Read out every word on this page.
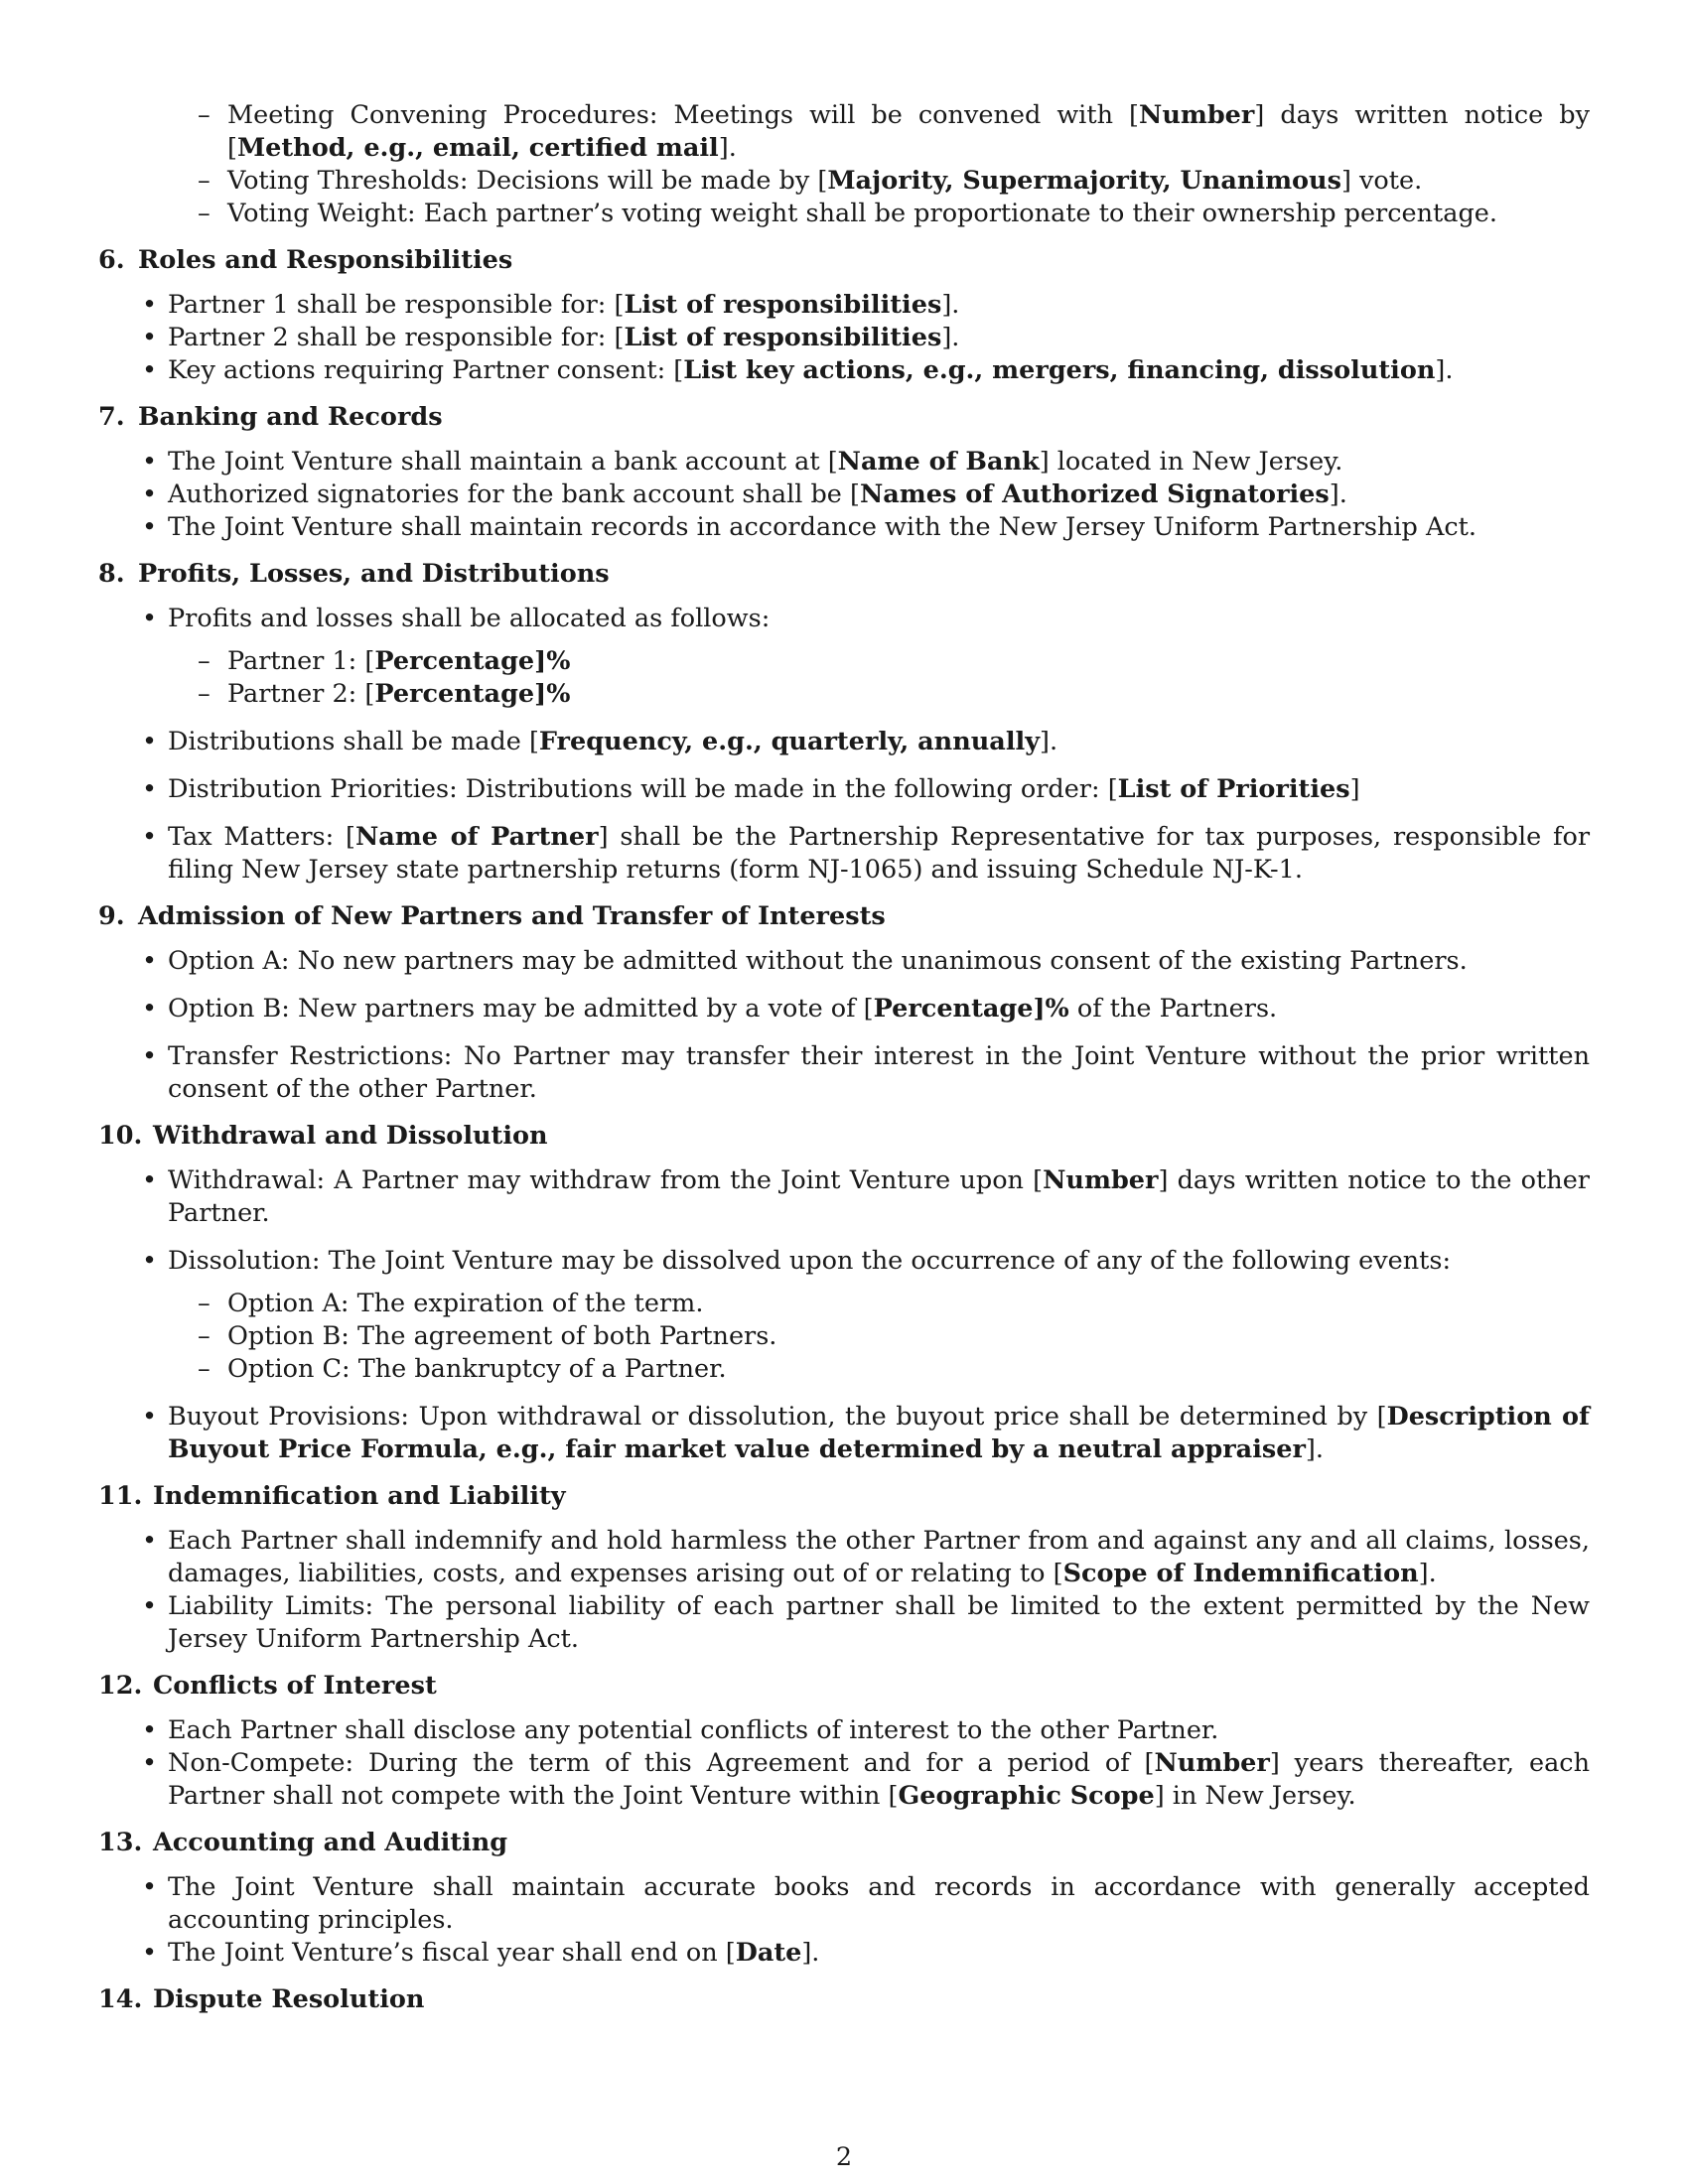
– Meeting Convening Procedures: Meetings will be convened with [Number] days written notice by [Method, e.g., email, certified mail].
– Voting Thresholds: Decisions will be made by [Majority, Supermajority, Unanimous] vote.
– Voting Weight: Each partner’s voting weight shall be proportionate to their ownership percentage.
6. Roles and Responsibilities
• Partner 1 shall be responsible for: [List of responsibilities].
• Partner 2 shall be responsible for: [List of responsibilities].
• Key actions requiring Partner consent: [List key actions, e.g., mergers, financing, dissolution].
7. Banking and Records
• The Joint Venture shall maintain a bank account at [Name of Bank] located in New Jersey.
• Authorized signatories for the bank account shall be [Names of Authorized Signatories].
• The Joint Venture shall maintain records in accordance with the New Jersey Uniform Partnership Act.
8. Profits, Losses, and Distributions
• Profits and losses shall be allocated as follows:
– Partner 1: [Percentage]%
– Partner 2: [Percentage]%
• Distributions shall be made [Frequency, e.g., quarterly, annually].
• Distribution Priorities: Distributions will be made in the following order: [List of Priorities]
• Tax Matters: [Name of Partner] shall be the Partnership Representative for tax purposes, responsible for filing New Jersey state partnership returns (form NJ-1065) and issuing Schedule NJ-K-1.
9. Admission of New Partners and Transfer of Interests
• Option A: No new partners may be admitted without the unanimous consent of the existing Partners.
• Option B: New partners may be admitted by a vote of [Percentage]% of the Partners.
• Transfer Restrictions: No Partner may transfer their interest in the Joint Venture without the prior written consent of the other Partner.
10. Withdrawal and Dissolution
• Withdrawal: A Partner may withdraw from the Joint Venture upon [Number] days written notice to the other Partner.
• Dissolution: The Joint Venture may be dissolved upon the occurrence of any of the following events:
– Option A: The expiration of the term.
– Option B: The agreement of both Partners.
– Option C: The bankruptcy of a Partner.
• Buyout Provisions: Upon withdrawal or dissolution, the buyout price shall be determined by [Description of Buyout Price Formula, e.g., fair market value determined by a neutral appraiser].
11. Indemnification and Liability
• Each Partner shall indemnify and hold harmless the other Partner from and against any and all claims, losses, damages, liabilities, costs, and expenses arising out of or relating to [Scope of Indemnification].
• Liability Limits: The personal liability of each partner shall be limited to the extent permitted by the New Jersey Uniform Partnership Act.
12. Conflicts of Interest
• Each Partner shall disclose any potential conflicts of interest to the other Partner.
• Non-Compete: During the term of this Agreement and for a period of [Number] years thereafter, each Partner shall not compete with the Joint Venture within [Geographic Scope] in New Jersey.
13. Accounting and Auditing
• The Joint Venture shall maintain accurate books and records in accordance with generally accepted accounting principles.
• The Joint Venture’s fiscal year shall end on [Date].
14. Dispute Resolution
2
